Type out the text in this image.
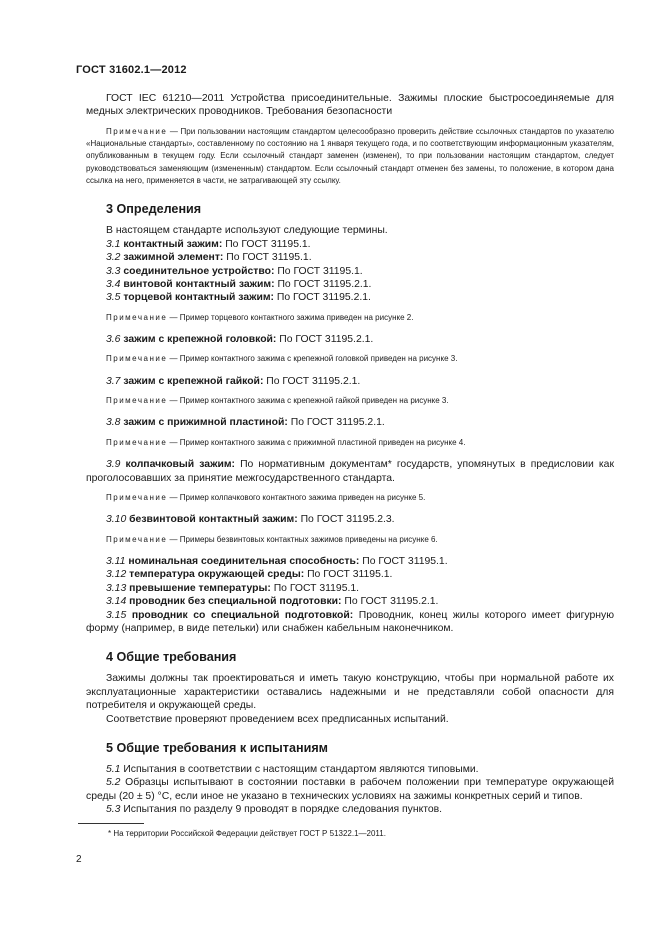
ГОСТ 31602.1—2012

ГОСТ IEC 61210—2011 Устройства присоединительные. Зажимы плоские быстросоединяемые для медных электрических проводников. Требования безопасности

Примечание — При пользовании настоящим стандартом целесообразно проверить действие ссылочных стандартов по указателю «Национальные стандарты», составленному по состоянию на 1 января текущего года, и по соответствующим информационным указателям, опубликованным в текущем году. Если ссылочный стандарт заменен (изменен), то при пользовании настоящим стандартом, следует руководствоваться заменяющим (измененным) стандартом. Если ссылочный стандарт отменен без замены, то положение, в котором дана ссылка на него, применяется в части, не затрагивающей эту ссылку.

3 Определения

В настоящем стандарте используют следующие термины.

3.1 контактный зажим: По ГОСТ 31195.1.

3.2 зажимной элемент: По ГОСТ 31195.1.

3.3 соединительное устройство: По ГОСТ 31195.1.

3.4 винтовой контактный зажим: По ГОСТ 31195.2.1.

3.5 торцевой контактный зажим: По ГОСТ 31195.2.1.

Примечание — Пример торцевого контактного зажима приведен на рисунке 2.

3.6 зажим с крепежной головкой: По ГОСТ 31195.2.1.

Примечание — Пример контактного зажима с крепежной головкой приведен на рисунке 3.

3.7 зажим с крепежной гайкой: По ГОСТ 31195.2.1.

Примечание — Пример контактного зажима с крепежной гайкой приведен на рисунке 3.

3.8 зажим с прижимной пластиной: По ГОСТ 31195.2.1.

Примечание — Пример контактного зажима с прижимной пластиной приведен на рисунке 4.

3.9 колпачковый зажим: По нормативным документам* государств, упомянутых в предисловии как проголосовавших за принятие межгосударственного стандарта.

Примечание — Пример колпачкового контактного зажима приведен на рисунке 5.

3.10 безвинтовой контактный зажим: По ГОСТ 31195.2.3.

Примечание — Примеры безвинтовых контактных зажимов приведены на рисунке 6.

3.11 номинальная соединительная способность: По ГОСТ 31195.1.

3.12 температура окружающей среды: По ГОСТ 31195.1.

3.13 превышение температуры: По ГОСТ 31195.1.

3.14 проводник без специальной подготовки: По ГОСТ 31195.2.1.

3.15 проводник со специальной подготовкой: Проводник, конец жилы которого имеет фигурную форму (например, в виде петельки) или снабжен кабельным наконечником.

4 Общие требования

Зажимы должны так проектироваться и иметь такую конструкцию, чтобы при нормальной работе их эксплуатационные характеристики оставались надежными и не представляли собой опасности для потребителя и окружающей среды.

Соответствие проверяют проведением всех предписанных испытаний.

5 Общие требования к испытаниям

5.1 Испытания в соответствии с настоящим стандартом являются типовыми.

5.2 Образцы испытывают в состоянии поставки в рабочем положении при температуре окружающей среды (20 ± 5) °С, если иное не указано в технических условиях на зажимы конкретных серий и типов.

5.3 Испытания по разделу 9 проводят в порядке следования пунктов.

* На территории Российской Федерации действует ГОСТ Р 51322.1—2011.
2
